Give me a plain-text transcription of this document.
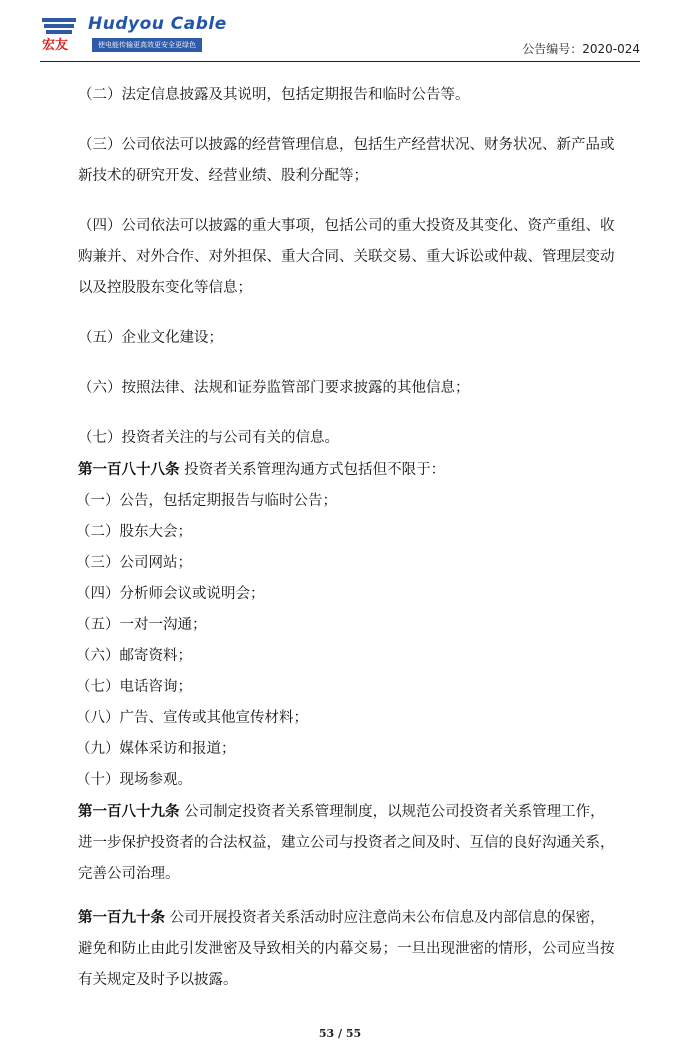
宏友
Hudyou Cable
使电能传输更高效更安全更绿色	公告编号：2020-024

（二）法定信息披露及其说明，包括定期报告和临时公告等。

（三）公司依法可以披露的经营管理信息，包括生产经营状况、财务状况、新产品或新技术的研究开发、经营业绩、股利分配等；

（四）公司依法可以披露的重大事项，包括公司的重大投资及其变化、资产重组、收购兼并、对外合作、对外担保、重大合同、关联交易、重大诉讼或仲裁、管理层变动以及控股股东变化等信息；

（五）企业文化建设；

（六）按照法律、法规和证券监管部门要求披露的其他信息；

（七）投资者关注的与公司有关的信息。

第一百八十八条 投资者关系管理沟通方式包括但不限于：

（一）公告，包括定期报告与临时公告；

（二）股东大会；

（三）公司网站；

（四）分析师会议或说明会；

（五）一对一沟通；

（六）邮寄资料；

（七）电话咨询；

（八）广告、宣传或其他宣传材料；

（九）媒体采访和报道；

（十）现场参观。

第一百八十九条 公司制定投资者关系管理制度，以规范公司投资者关系管理工作，进一步保护投资者的合法权益，建立公司与投资者之间及时、互信的良好沟通关系，完善公司治理。

第一百九十条 公司开展投资者关系活动时应注意尚未公布信息及内部信息的保密，避免和防止由此引发泄密及导致相关的内幕交易；一旦出现泄密的情形，公司应当按有关规定及时予以披露。

53 / 55
